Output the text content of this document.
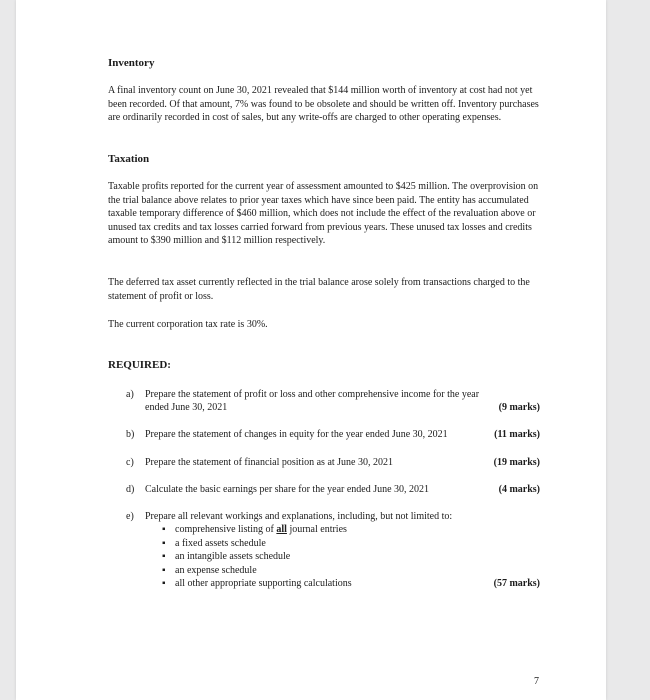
Inventory
A final inventory count on June 30, 2021 revealed that $144 million worth of inventory at cost had not yet been recorded. Of that amount, 7% was found to be obsolete and should be written off. Inventory purchases are ordinarily recorded in cost of sales, but any write-offs are charged to other operating expenses.
Taxation
Taxable profits reported for the current year of assessment amounted to $425 million. The overprovision on the trial balance above relates to prior year taxes which have since been paid. The entity has accumulated taxable temporary difference of $460 million, which does not include the effect of the revaluation above or unused tax credits and tax losses carried forward from previous years. These unused tax losses and credits amount to $390 million and $112 million respectively.
The deferred tax asset currently reflected in the trial balance arose solely from transactions charged to the statement of profit or loss.
The current corporation tax rate is 30%.
REQUIRED:
a) Prepare the statement of profit or loss and other comprehensive income for the year
ended June 30, 2021	(9 marks)
b) Prepare the statement of changes in equity for the year ended June 30, 2021	(11 marks)
c) Prepare the statement of financial position as at June 30, 2021	(19 marks)
d) Calculate the basic earnings per share for the year ended June 30, 2021	(4 marks)
e) Prepare all relevant workings and explanations, including, but not limited to:
▪ comprehensive listing of all journal entries
▪ a fixed assets schedule
▪ an intangible assets schedule
▪ an expense schedule
▪ all other appropriate supporting calculations	(57 marks)
7
